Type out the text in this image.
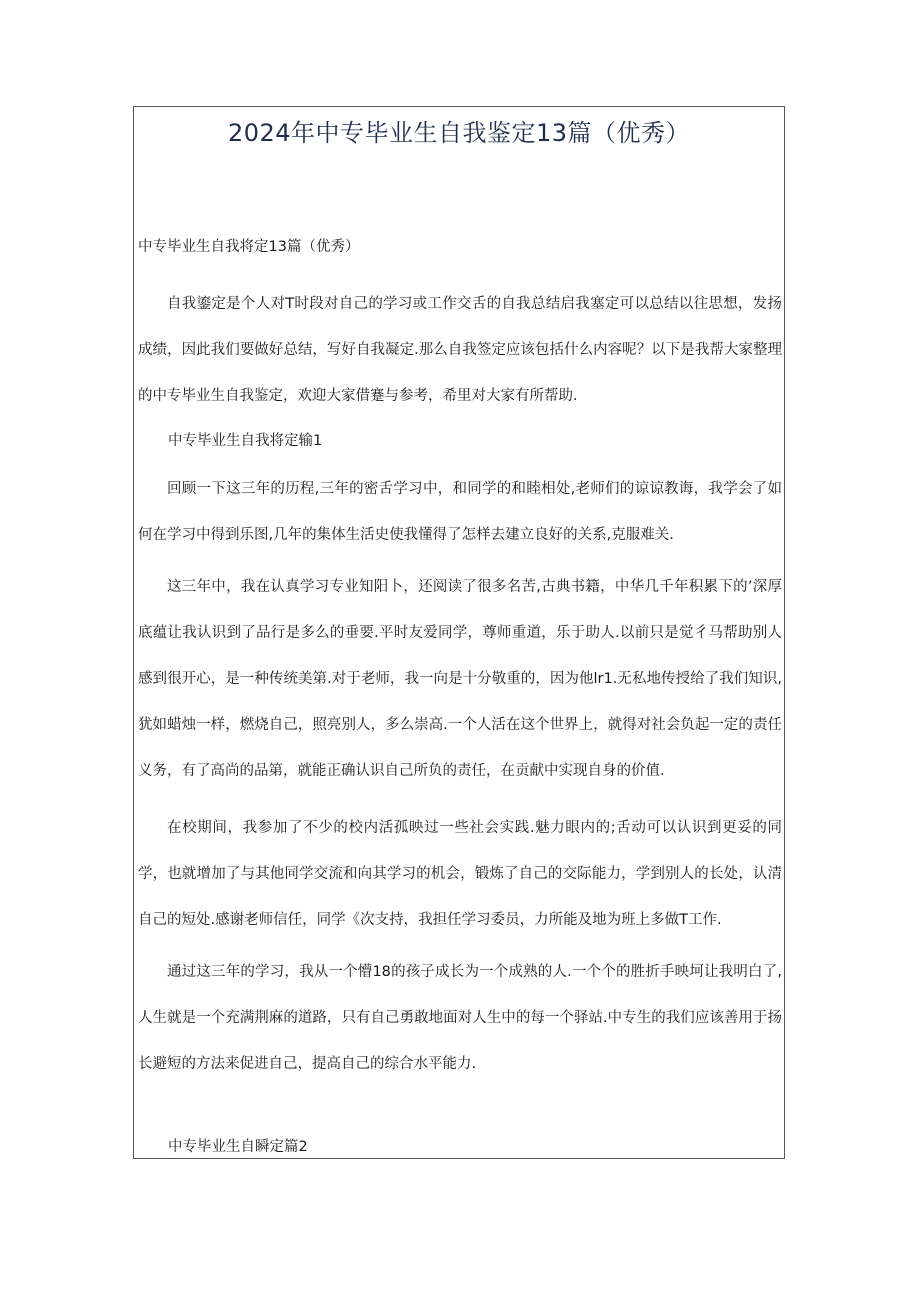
2024年中专毕业生自我鉴定13篇（优秀）
中专毕业生自我将定13篇（优秀）

自我鎏定是个人对T时段对自己的学习或工作交舌的自我总结启我塞定可以总结以往思想，发扬成绩，因此我们要做好总结，写好自我凝定.那么自我签定应该包括什么内容呢？以下是我帮大家整理的中专毕业生自我鉴定，欢迎大家借蹇与参考，希里对大家有所帮助.

中专毕业生自我将定输1

回顾一下这三年的历程,三年的密舌学习中，和同学的和睦相处,老师们的谅谅教诲，我学会了如何在学习中得到乐图,几年的集体生活史使我懂得了怎样去建立良好的关系,克服难关.

这三年中，我在认真学习专业知阳卜，还阅读了很多名苦,古典书籍，中华几千年积累下的’深厚底蕴让我认识到了品行是多么的垂要.平时友爱同学，尊师重道，乐于助人.以前只是觉彳马帮助别人感到很开心，是一种传统美第.对于老师，我一向是十分敬重的，因为他lr1.无私地传授给了我们知识,犹如蜡烛一样，燃烧自己，照亮别人，多么崇高.一个人活在这个世界上，就得对社会负起一定的责任义务，有了高尚的品第，就能正确认识自己所负的责任，在贡献中实现自身的价值.

在校期间，我参加了不少的校内活孤映过一些社会实践.魅力眼内的;舌动可以认识到更妥的同学，也就增加了与其他同学交流和向其学习的机会，锻炼了自己的交际能力，学到别人的长处，认清自己的短处.感谢老师信任，同学《次支持，我担任学习委员，力所能及地为班上多做T工作.

通过这三年的学习，我从一个懵18的孩子成长为一个成熟的人.一个个的胜折手映坷让我明白了,人生就是一个充满荆麻的道路，只有自己勇敢地面对人生中的每一个驿站.中专生的我们应该善用于扬长避短的方法来促进自己，提高自己的综合水平能力.

中专毕业生自瞬定篇2
